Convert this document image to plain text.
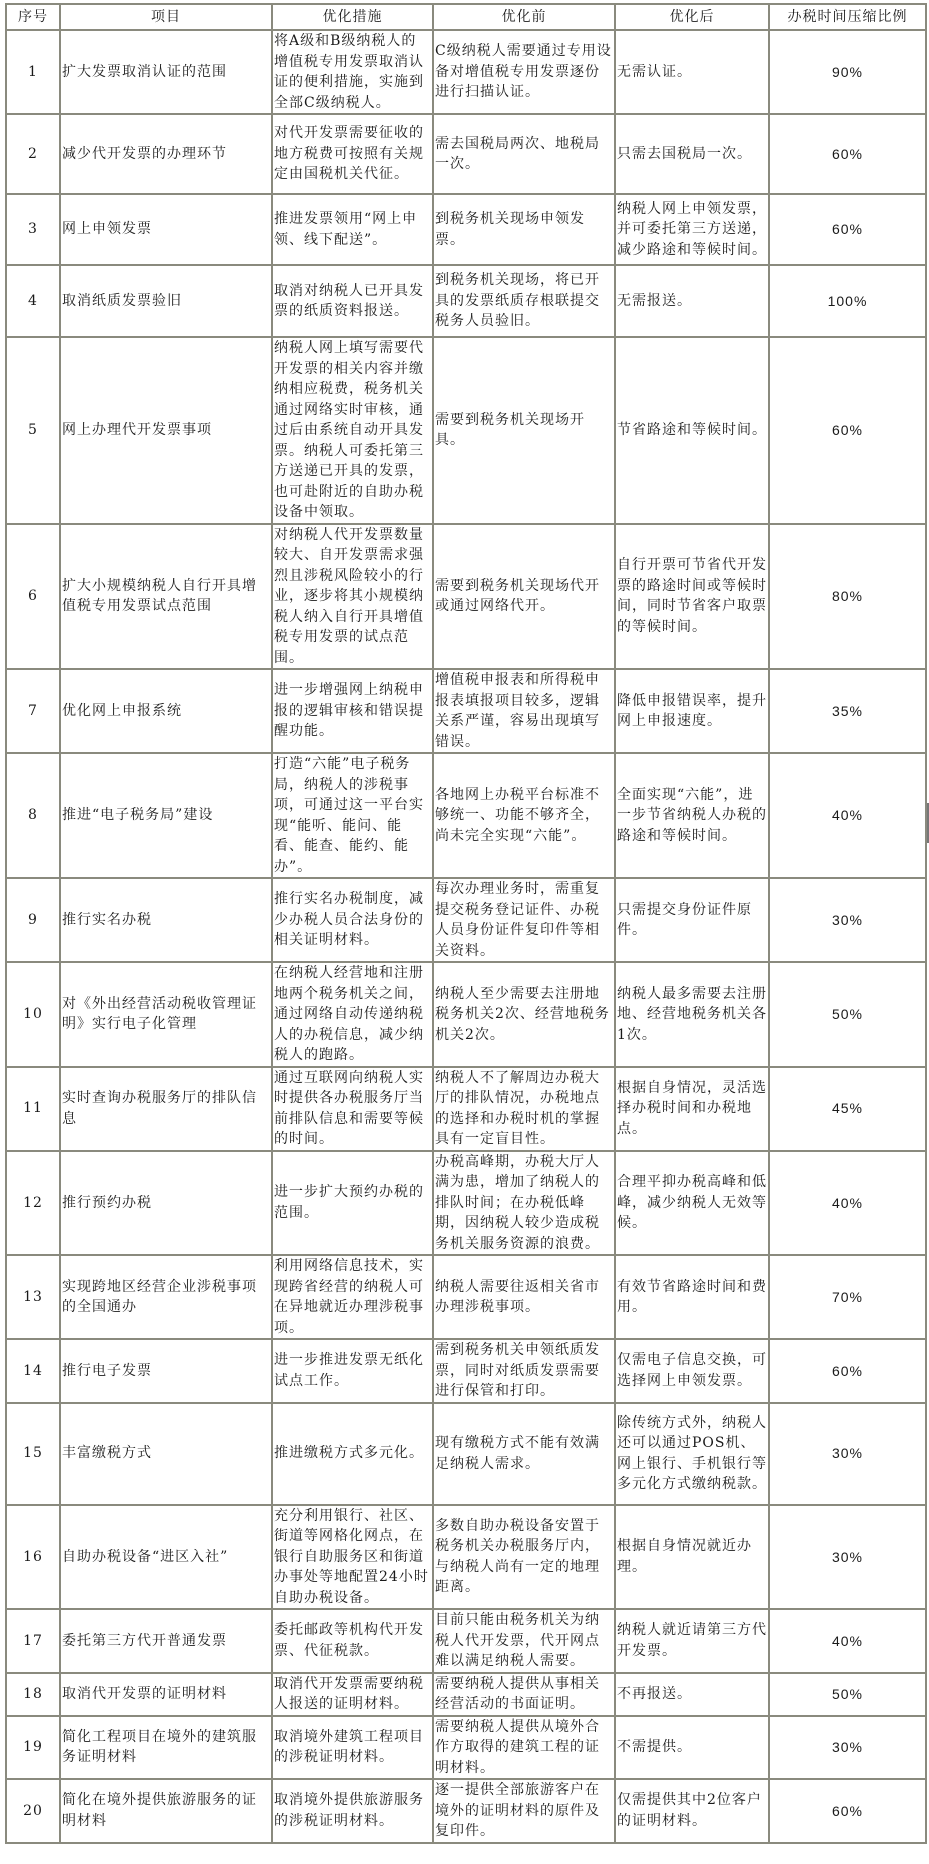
序号	项目	优化措施	优化前	优化后	办税时间压缩比例
1	扩大发票取消认证的范围	将A级和B级纳税人的增值税专用发票取消认证的便利措施，实施到全部C级纳税人。	C级纳税人需要通过专用设备对增值税专用发票逐份进行扫描认证。	无需认证。	90%
2	减少代开发票的办理环节	对代开发票需要征收的地方税费可按照有关规定由国税机关代征。	需去国税局两次、地税局一次。	只需去国税局一次。	60%
3	网上申领发票	推进发票领用“网上申领、线下配送”。	到税务机关现场申领发票。	纳税人网上申领发票，并可委托第三方送递，减少路途和等候时间。	60%
4	取消纸质发票验旧	取消对纳税人已开具发票的纸质资料报送。	到税务机关现场，将已开具的发票纸质存根联提交税务人员验旧。	无需报送。	100%
5	网上办理代开发票事项	纳税人网上填写需要代开发票的相关内容并缴纳相应税费，税务机关通过网络实时审核，通过后由系统自动开具发票。纳税人可委托第三方送递已开具的发票，也可赴附近的自助办税设备中领取。	需要到税务机关现场开具。	节省路途和等候时间。	60%
6	扩大小规模纳税人自行开具增值税专用发票试点范围	对纳税人代开发票数量较大、自开发票需求强烈且涉税风险较小的行业，逐步将其小规模纳税人纳入自行开具增值税专用发票的试点范围。	需要到税务机关现场代开或通过网络代开。	自行开票可节省代开发票的路途时间或等候时间，同时节省客户取票的等候时间。	80%
7	优化网上申报系统	进一步增强网上纳税申报的逻辑审核和错误提醒功能。	增值税申报表和所得税申报表填报项目较多，逻辑关系严谨，容易出现填写错误。	降低申报错误率，提升网上申报速度。	35%
8	推进“电子税务局”建设	打造“六能”电子税务局，纳税人的涉税事项，可通过这一平台实现“能听、能问、能看、能查、能约、能办”。	各地网上办税平台标准不够统一、功能不够齐全，尚未完全实现“六能”。	全面实现“六能”，进一步节省纳税人办税的路途和等候时间。	40%
9	推行实名办税	推行实名办税制度，减少办税人员合法身份的相关证明材料。	每次办理业务时，需重复提交税务登记证件、办税人员身份证件复印件等相关资料。	只需提交身份证件原件。	30%
10	对《外出经营活动税收管理证明》实行电子化管理	在纳税人经营地和注册地两个税务机关之间，通过网络自动传递纳税人的办税信息，减少纳税人的跑路。	纳税人至少需要去注册地税务机关2次、经营地税务机关2次。	纳税人最多需要去注册地、经营地税务机关各1次。	50%
11	实时查询办税服务厅的排队信息	通过互联网向纳税人实时提供各办税服务厅当前排队信息和需要等候的时间。	纳税人不了解周边办税大厅的排队情况，办税地点的选择和办税时机的掌握具有一定盲目性。	根据自身情况，灵活选择办税时间和办税地点。	45%
12	推行预约办税	进一步扩大预约办税的范围。	办税高峰期，办税大厅人满为患，增加了纳税人的排队时间；在办税低峰期，因纳税人较少造成税务机关服务资源的浪费。	合理平抑办税高峰和低峰，减少纳税人无效等候。	40%
13	实现跨地区经营企业涉税事项的全国通办	利用网络信息技术，实现跨省经营的纳税人可在异地就近办理涉税事项。	纳税人需要往返相关省市办理涉税事项。	有效节省路途时间和费用。	70%
14	推行电子发票	进一步推进发票无纸化试点工作。	需到税务机关申领纸质发票，同时对纸质发票需要进行保管和打印。	仅需电子信息交换，可选择网上申领发票。	60%
15	丰富缴税方式	推进缴税方式多元化。	现有缴税方式不能有效满足纳税人需求。	除传统方式外，纳税人还可以通过POS机、网上银行、手机银行等多元化方式缴纳税款。	30%
16	自助办税设备“进区入社”	充分利用银行、社区、街道等网格化网点，在银行自助服务区和街道办事处等地配置24小时自助办税设备。	多数自助办税设备安置于税务机关办税服务厅内，与纳税人尚有一定的地理距离。	根据自身情况就近办理。	30%
17	委托第三方代开普通发票	委托邮政等机构代开发票、代征税款。	目前只能由税务机关为纳税人代开发票，代开网点难以满足纳税人需要。	纳税人就近请第三方代开发票。	40%
18	取消代开发票的证明材料	取消代开发票需要纳税人报送的证明材料。	需要纳税人提供从事相关经营活动的书面证明。	不再报送。	50%
19	简化工程项目在境外的建筑服务证明材料	取消境外建筑工程项目的涉税证明材料。	需要纳税人提供从境外合作方取得的建筑工程的证明材料。	不需提供。	30%
20	简化在境外提供旅游服务的证明材料	取消境外提供旅游服务的涉税证明材料。	逐一提供全部旅游客户在境外的证明材料的原件及复印件。	仅需提供其中2位客户的证明材料。	60%
